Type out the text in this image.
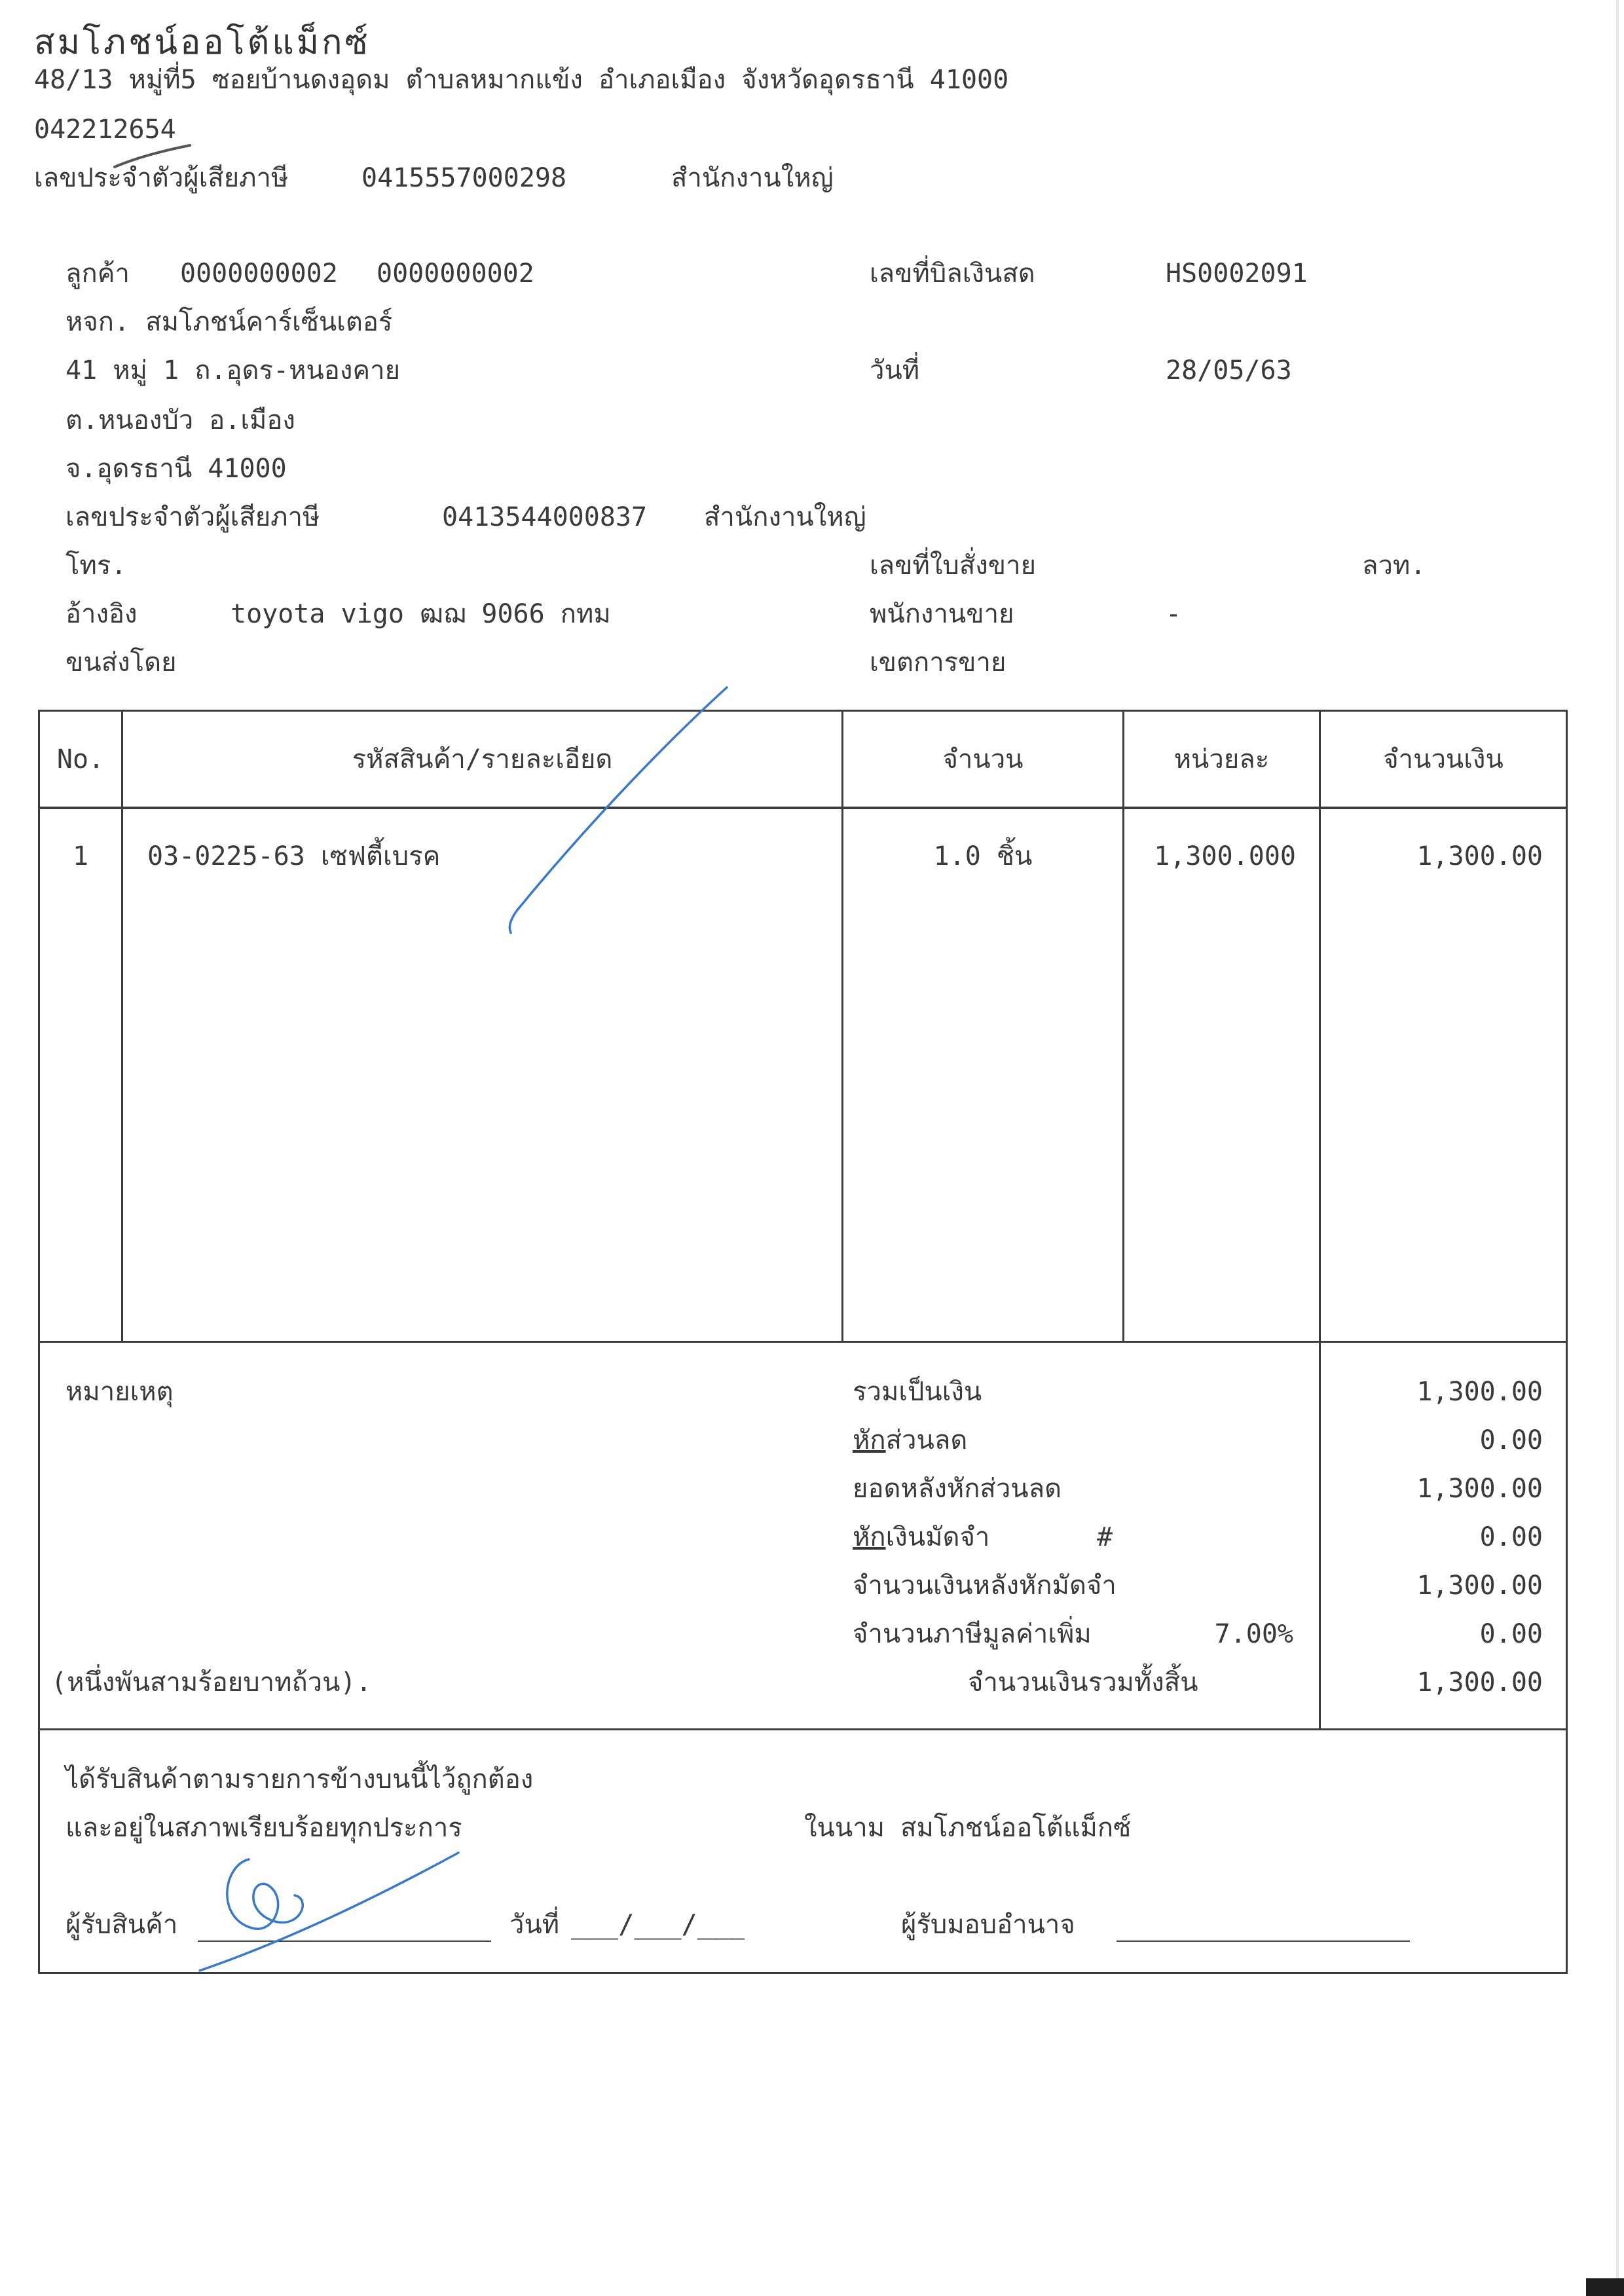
สมโภชน์ออโต้แม็กซ์
48/13 หมู่ที่5 ซอยบ้านดงอุดม ตำบลหมากแข้ง อำเภอเมือง จังหวัดอุดรธานี 41000
042212654
เลขประจำตัวผู้เสียภาษี	0415557000298	สำนักงานใหญ่
ลูกค้า 0000000002 0000000002
หจก. สมโภชน์คาร์เซ็นเตอร์
41 หมู่ 1 ถ.อุดร-หนองคาย
ต.หนองบัว อ.เมือง
จ.อุดรธานี 41000
เลขประจำตัวผู้เสียภาษี	0413544000837 สำนักงานใหญ่
โทร.
อ้างอิง	toyota vigo ฒฌ 9066 กทม
ขนส่งโดย
เลขที่บิลเงินสด	HS0002091
วันที่	28/05/63
เลขที่ใบสั่งขาย	ลวท.
พนักงานขาย	-
เขตการขาย
No.	รหัสสินค้า/รายละเอียด	จำนวน	หน่วยละ	จำนวนเงิน
1	03-0225-63 เซฟตี้เบรค	1.0 ชิ้น	1,300.000	1,300.00
หมายเหตุ
(หนึ่งพันสามร้อยบาทถ้วน).
รวมเป็นเงิน	1,300.00
หักส่วนลด	0.00
ยอดหลังหักส่วนลด	1,300.00
หักเงินมัดจำ	#	0.00
จำนวนเงินหลังหักมัดจำ	1,300.00
จำนวนภาษีมูลค่าเพิ่ม	7.00%	0.00
จำนวนเงินรวมทั้งสิ้น	1,300.00
ได้รับสินค้าตามรายการข้างบนนี้ไว้ถูกต้อง
และอยู่ในสภาพเรียบร้อยทุกประการ	ในนาม สมโภชน์ออโต้แม็กซ์
ผู้รับสินค้า	วันที่ ___/___/___	ผู้รับมอบอำนาจ
